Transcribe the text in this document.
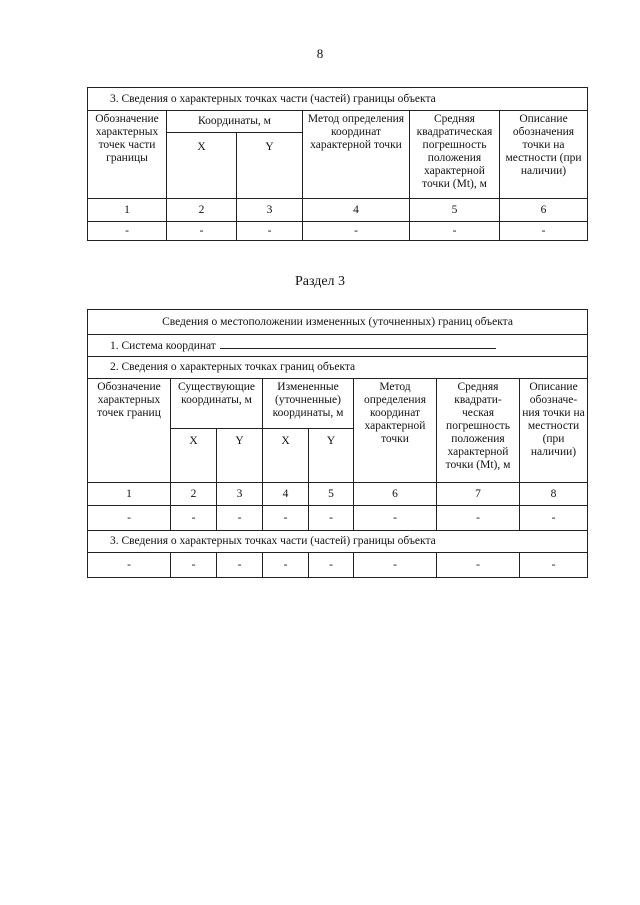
8
3. Сведения о характерных точках части (частей) границы объекта					
Обозначение характерных точек части границы	Координаты, м		Метод определения координат характерной точки	Средняя квадратическая погрешность положения характерной точки (Mt), м	Описание обозначения точки на местности (при наличии)
	X	Y			
1	2	3	4	5	6
-	-	-	-	-	-
Раздел 3
Сведения о местоположении измененных (уточненных) границ объекта							
1. Система координат							
2. Сведения о характерных точках границ объекта							
Обозначение характерных точек границ	Существующие координаты, м		Измененные (уточненные) координаты, м		Метод определения координат характерной точки	Средняя квадрати-ческая погрешность положения характерной точки (Mt), м	Описание обозначе-ния точки на местности (при наличии)
	X	Y	X	Y			
1	2	3	4	5	6	7	8
-	-	-	-	-	-	-	-
3. Сведения о характерных точках части (частей) границы объекта							
-	-	-	-	-	-	-	-
